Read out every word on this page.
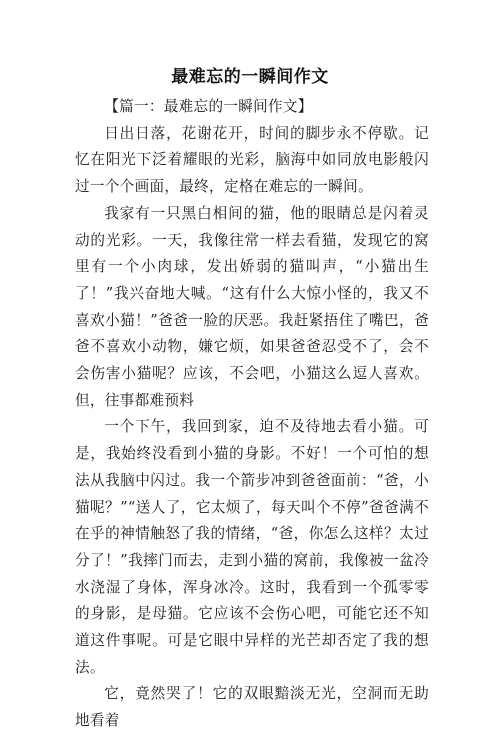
最难忘的一瞬间作文

【篇一：最难忘的一瞬间作文】

日出日落，花谢花开，时间的脚步永不停歇。记忆在阳光下泛着耀眼的光彩，脑海中如同放电影般闪过一个个画面，最终，定格在难忘的一瞬间。

我家有一只黑白相间的猫，他的眼睛总是闪着灵动的光彩。一天，我像往常一样去看猫，发现它的窝里有一个小肉球，发出娇弱的猫叫声，“小猫出生了！”我兴奋地大喊。“这有什么大惊小怪的，我又不喜欢小猫！”爸爸一脸的厌恶。我赶紧捂住了嘴巴，爸爸不喜欢小动物，嫌它烦，如果爸爸忍受不了，会不会伤害小猫呢？应该，不会吧，小猫这么逗人喜欢。但，往事都难预料

一个下午，我回到家，迫不及待地去看小猫。可是，我始终没看到小猫的身影。不好！一个可怕的想法从我脑中闪过。我一个箭步冲到爸爸面前：“爸，小猫呢？”“送人了，它太烦了，每天叫个不停”爸爸满不在乎的神情触怒了我的情绪，“爸，你怎么这样？太过分了！”我摔门而去，走到小猫的窝前，我像被一盆冷水浇湿了身体，浑身冰冷。这时，我看到一个孤零零的身影，是母猫。它应该不会伤心吧，可能它还不知道这件事呢。可是它眼中异样的光芒却否定了我的想法。

它，竟然哭了！它的双眼黯淡无光，空洞而无助地看着
